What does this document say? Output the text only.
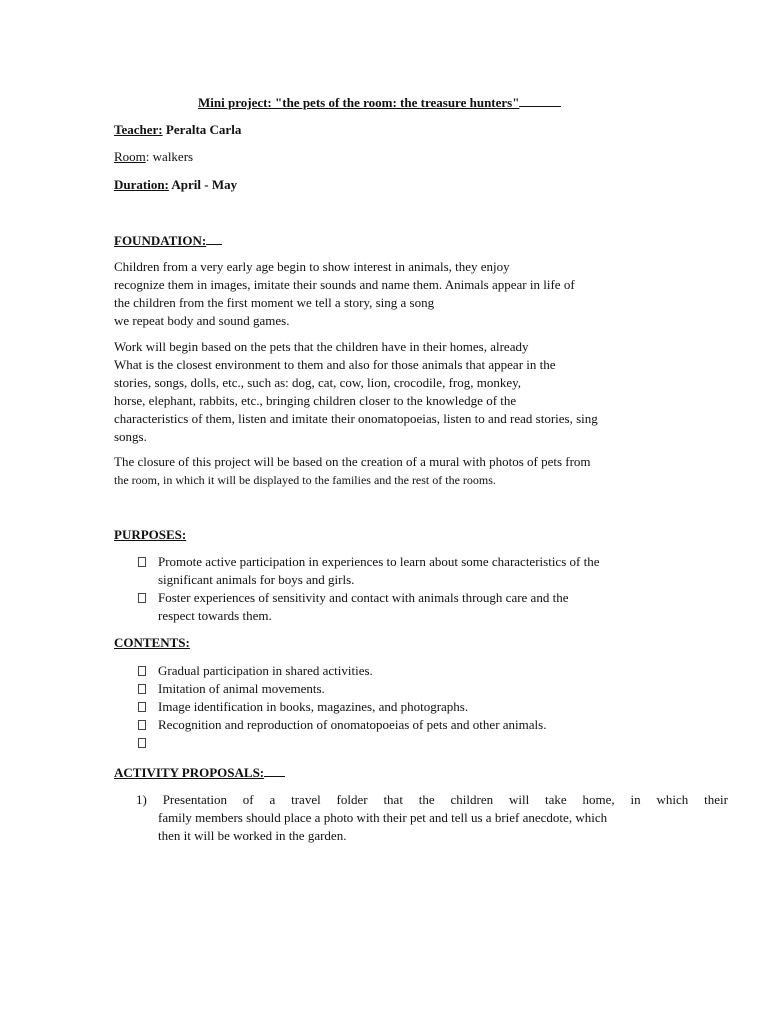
Mini project: "the pets of the room: the treasure hunters"
Teacher: Peralta Carla
Room: walkers
Duration: April - May
FOUNDATION:
Children from a very early age begin to show interest in animals, they enjoy
recognize them in images, imitate their sounds and name them. Animals appear in life of
the children from the first moment we tell a story, sing a song
we repeat body and sound games.
Work will begin based on the pets that the children have in their homes, already
What is the closest environment to them and also for those animals that appear in the
stories, songs, dolls, etc., such as: dog, cat, cow, lion, crocodile, frog, monkey,
horse, elephant, rabbits, etc., bringing children closer to the knowledge of the
characteristics of them, listen and imitate their onomatopoeias, listen to and read stories, sing
songs.
The closure of this project will be based on the creation of a mural with photos of pets from
the room, in which it will be displayed to the families and the rest of the rooms.
PURPOSES:
Promote active participation in experiences to learn about some characteristics of the
significant animals for boys and girls.
Foster experiences of sensitivity and contact with animals through care and the
respect towards them.
CONTENTS:
Gradual participation in shared activities.
Imitation of animal movements.
Image identification in books, magazines, and photographs.
Recognition and reproduction of onomatopoeias of pets and other animals.
ACTIVITY PROPOSALS:
1) Presentation of a travel folder that the children will take home, in which their
family members should place a photo with their pet and tell us a brief anecdote, which
then it will be worked in the garden.
